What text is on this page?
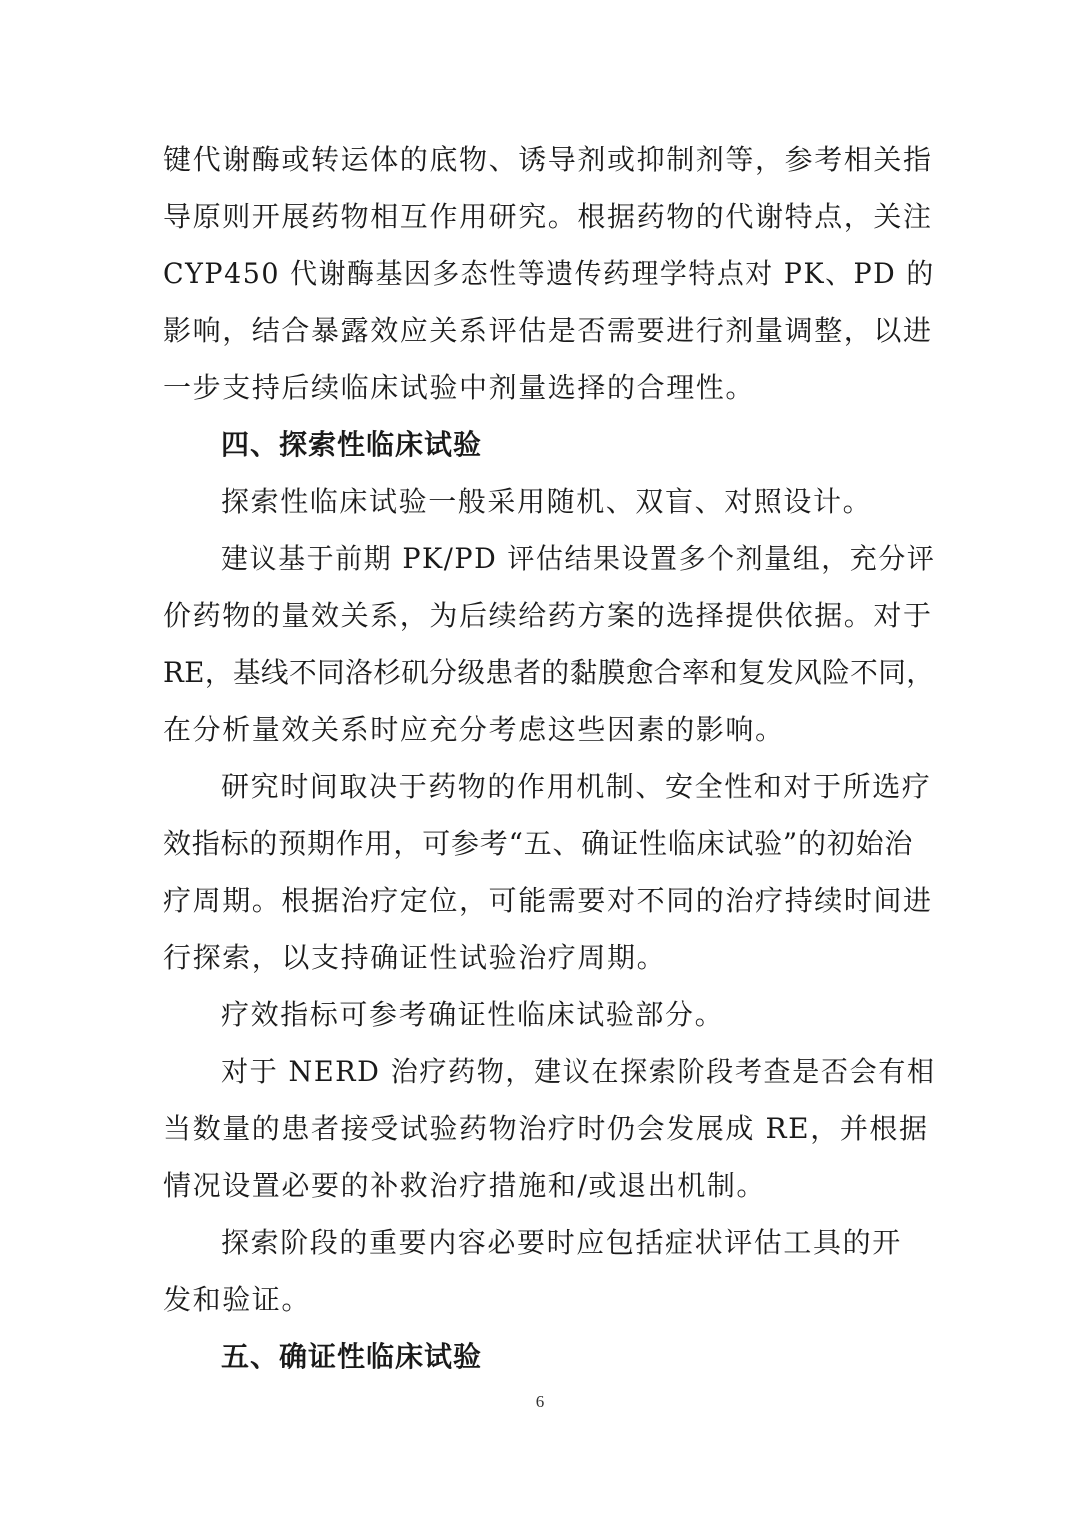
键代谢酶或转运体的底物、诱导剂或抑制剂等，参考相关指
导原则开展药物相互作用研究。根据药物的代谢特点，关注
CYP450 代谢酶基因多态性等遗传药理学特点对 PK、PD 的
影响，结合暴露效应关系评估是否需要进行剂量调整，以进
一步支持后续临床试验中剂量选择的合理性。
四、探索性临床试验
探索性临床试验一般采用随机、双盲、对照设计。
建议基于前期 PK/PD 评估结果设置多个剂量组，充分评
价药物的量效关系，为后续给药方案的选择提供依据。对于
RE，基线不同洛杉矶分级患者的黏膜愈合率和复发风险不同，
在分析量效关系时应充分考虑这些因素的影响。
研究时间取决于药物的作用机制、安全性和对于所选疗
效指标的预期作用，可参考“五、确证性临床试验”的初始治
疗周期。根据治疗定位，可能需要对不同的治疗持续时间进
行探索，以支持确证性试验治疗周期。
疗效指标可参考确证性临床试验部分。
对于 NERD 治疗药物，建议在探索阶段考查是否会有相
当数量的患者接受试验药物治疗时仍会发展成 RE，并根据
情况设置必要的补救治疗措施和/或退出机制。
探索阶段的重要内容必要时应包括症状评估工具的开
发和验证。
五、确证性临床试验
6
